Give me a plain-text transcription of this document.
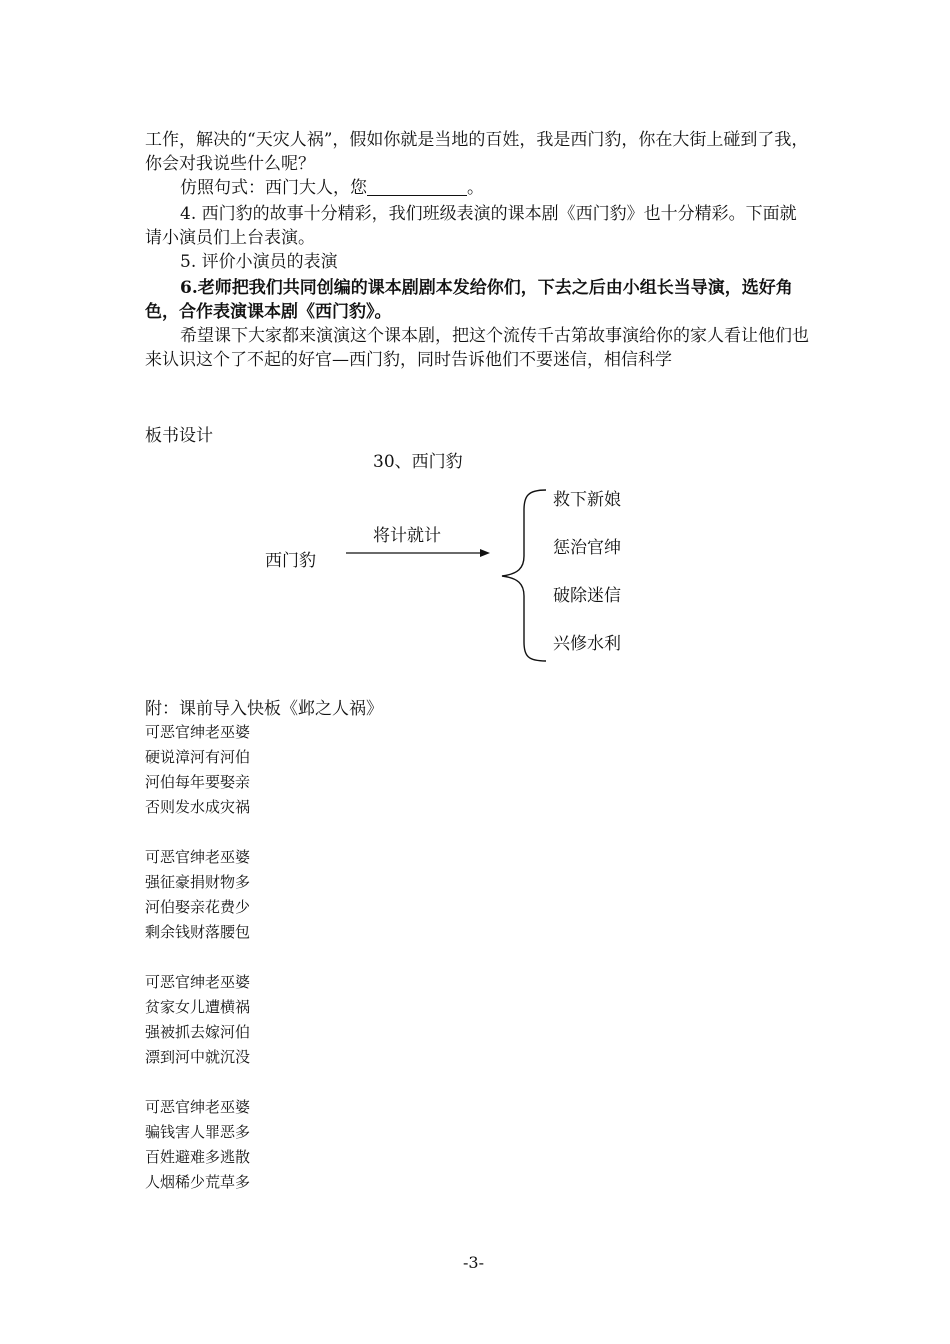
工作，解决的“天灾人祸”，假如你就是当地的百姓，我是西门豹，你在大街上碰到了我，你会对我说些什么呢？

仿照句式：西门大人，您	。

4. 西门豹的故事十分精彩，我们班级表演的课本剧《西门豹》也十分精彩。下面就请小演员们上台表演。

5. 评价小演员的表演

6.老师把我们共同创编的课本剧剧本发给你们，下去之后由小组长当导演，选好角色，合作表演课本剧《西门豹》。

希望课下大家都来演演这个课本剧，把这个流传千古第故事演给你的家人看让他们也来认识这个了不起的好官—西门豹，同时告诉他们不要迷信，相信科学

板书设计
30、西门豹
西门豹
将计就计
救下新娘
惩治官绅
破除迷信
兴修水利
附：课前导入快板《邺之人祸》
可恶官绅老巫婆
硬说漳河有河伯
河伯每年要娶亲
否则发水成灾祸
可恶官绅老巫婆
强征豪捐财物多
河伯娶亲花费少
剩余钱财落腰包
可恶官绅老巫婆
贫家女儿遭横祸
强被抓去嫁河伯
漂到河中就沉没
可恶官绅老巫婆
骗钱害人罪恶多
百姓避难多逃散
人烟稀少荒草多
-3-
